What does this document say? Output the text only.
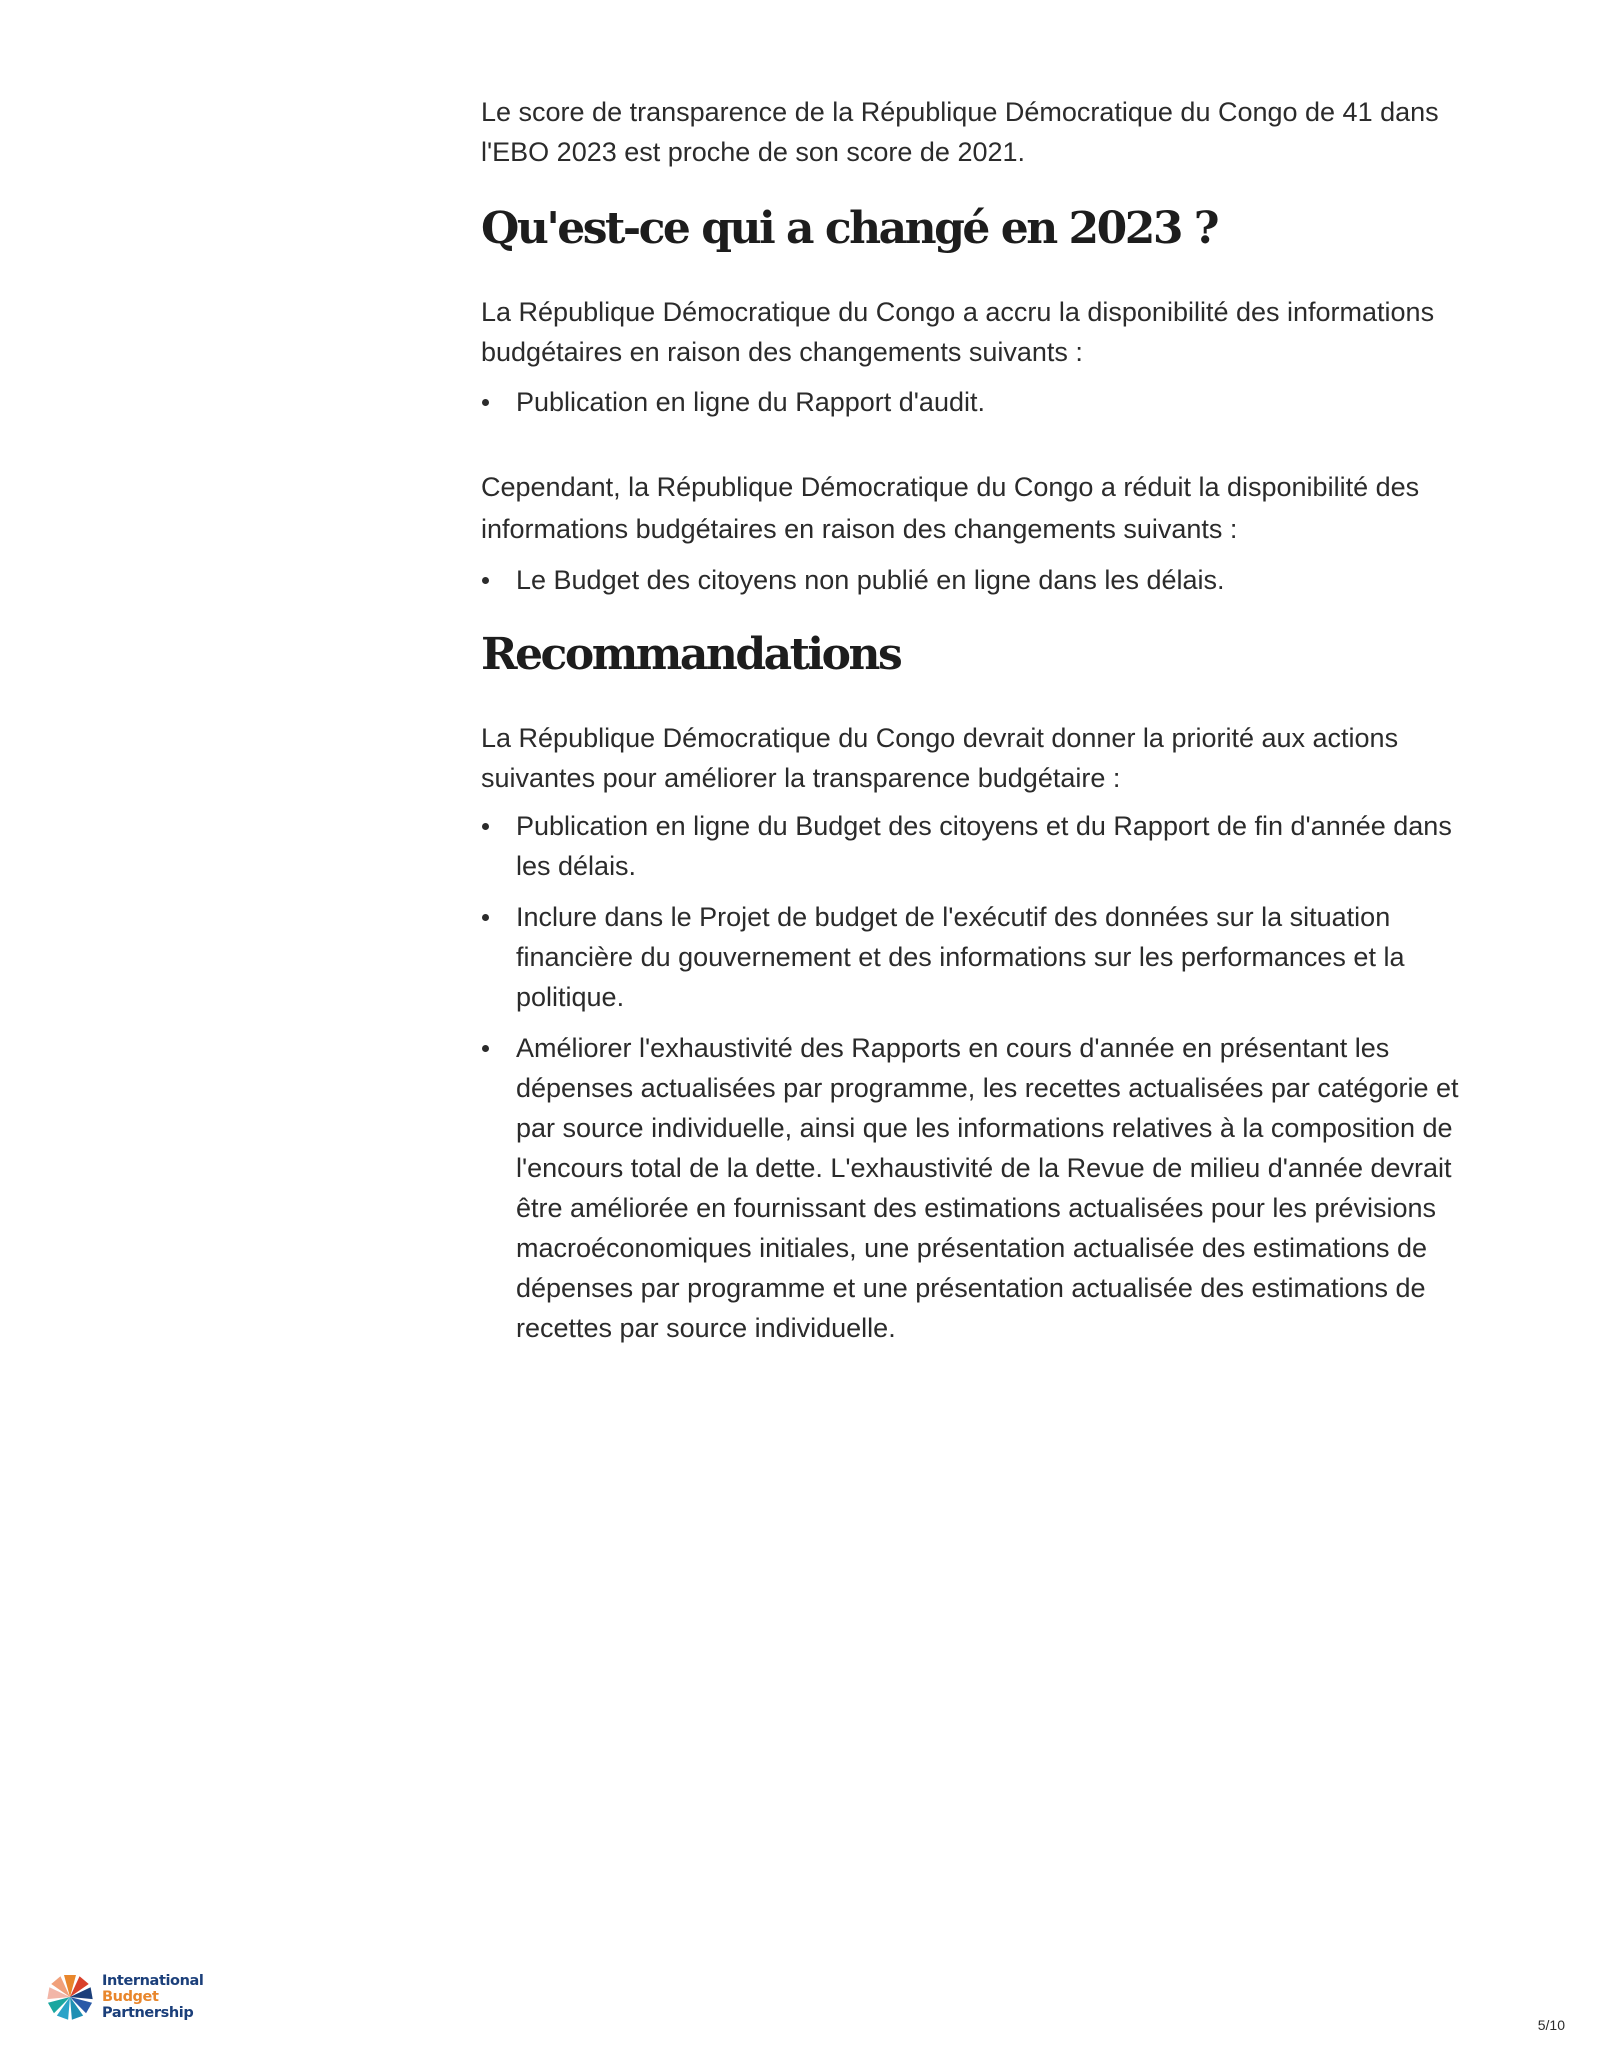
Le score de transparence de la République Démocratique du Congo de 41 dans l'EBO 2023 est proche de son score de 2021.

Qu'est-ce qui a changé en 2023 ?

La République Démocratique du Congo a accru la disponibilité des informations budgétaires en raison des changements suivants :

Publication en ligne du Rapport d'audit.

Cependant, la République Démocratique du Congo a réduit la disponibilité des informations budgétaires en raison des changements suivants :

Le Budget des citoyens non publié en ligne dans les délais.
Recommandations

La République Démocratique du Congo devrait donner la priorité aux actions suivantes pour améliorer la transparence budgétaire :

Publication en ligne du Budget des citoyens et du Rapport de fin d'année dans les délais.
Inclure dans le Projet de budget de l'exécutif des données sur la situation financière du gouvernement et des informations sur les performances et la politique.
Améliorer l'exhaustivité des Rapports en cours d'année en présentant les dépenses actualisées par programme, les recettes actualisées par catégorie et par source individuelle, ainsi que les informations relatives à la composition de l'encours total de la dette. L'exhaustivité de la Revue de milieu d'année devrait être améliorée en fournissant des estimations actualisées pour les prévisions macroéconomiques initiales, une présentation actualisée des estimations de dépenses par programme et une présentation actualisée des estimations de recettes par source individuelle.
International
Budget
Partnership
5/10
